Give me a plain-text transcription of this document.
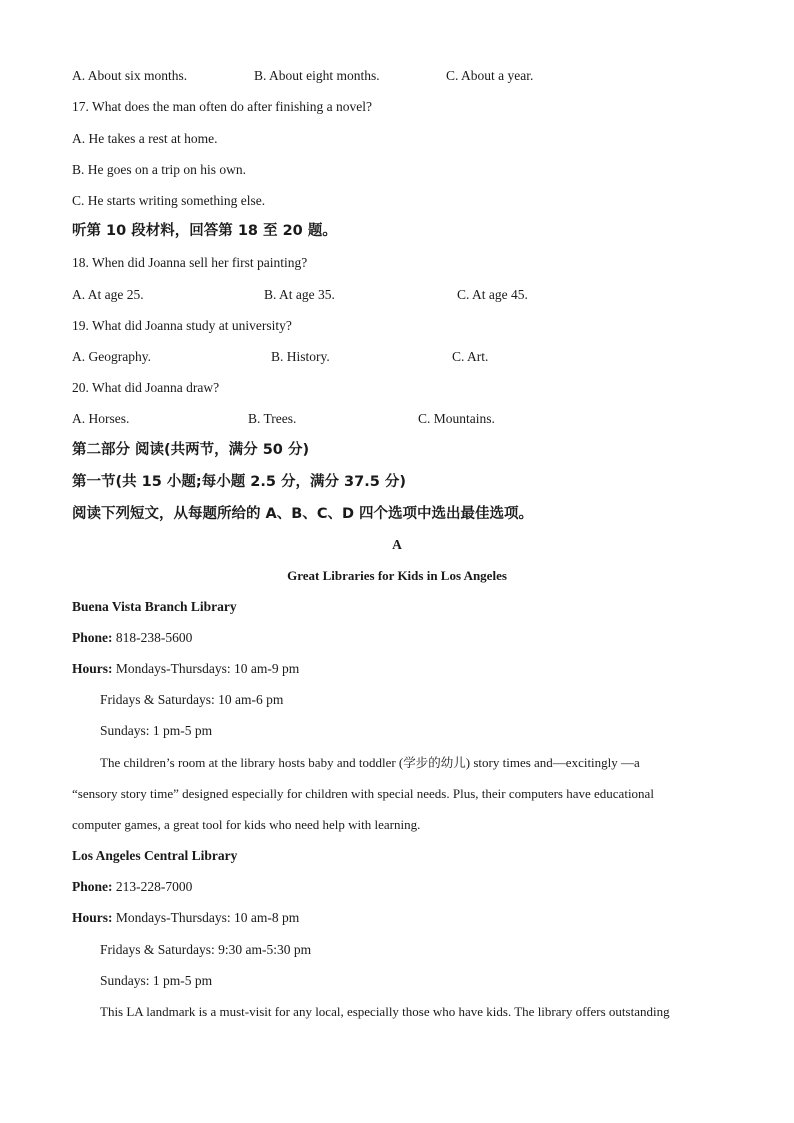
A. About six months.	B. About eight months.	C. About a year.
17. What does the man often do after finishing a novel?
A. He takes a rest at home.
B. He goes on a trip on his own.
C. He starts writing something else.
听第 10 段材料，回答第 18 至 20 题。
18. When did Joanna sell her first painting?
A. At age 25.	B. At age 35.	C. At age 45.
19. What did Joanna study at university?
A. Geography.	B. History.	C. Art.
20. What did Joanna draw?
A. Horses.	B. Trees.	C. Mountains.
第二部分 阅读(共两节，满分 50 分)
第一节(共 15 小题;每小题 2.5 分，满分 37.5 分)
阅读下列短文，从每题所给的 A、B、C、D 四个选项中选出最佳选项。
A
Great Libraries for Kids in Los Angeles
Buena Vista Branch Library
Phone: 818-238-5600
Hours: Mondays-Thursdays: 10 am-9 pm
Fridays & Saturdays: 10 am-6 pm
Sundays: 1 pm-5 pm
The children’s room at the library hosts baby and toddler (学步的幼儿) story times and—excitingly —a
“sensory story time” designed especially for children with special needs. Plus, their computers have educational
computer games, a great tool for kids who need help with learning.
Los Angeles Central Library
Phone: 213-228-7000
Hours: Mondays-Thursdays: 10 am-8 pm
Fridays & Saturdays: 9:30 am-5:30 pm
Sundays: 1 pm-5 pm
This LA landmark is a must-visit for any local, especially those who have kids. The library offers outstanding
